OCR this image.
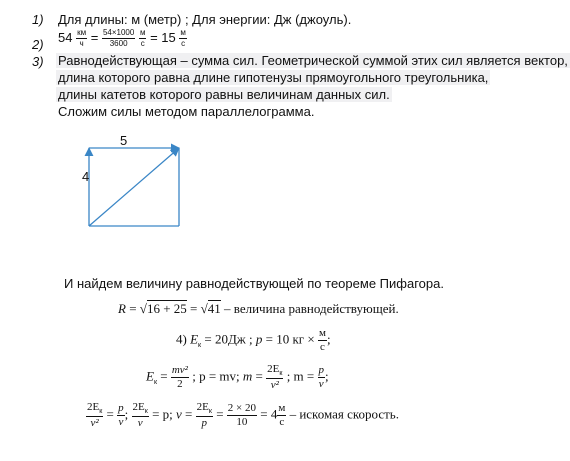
1) Для длины: м (метр) ; Для энергии: Дж (джоуль).
2) $54 \frac{км}{ч} = \frac{54\times 1000}{3600}$
$\frac{м}{с} = 15 \frac{м}{с}$
3) Равнодействующая – сумма сил. Геометрической суммой этих сил является вектор,
длина которого равна длине гипотенузы прямоугольного треугольника,
длины катетов которого равны величинам данных сил.
Сложим силы методом параллелограмма.
5
4
И найдем величину равнодействующей по теореме Пифагора.
R = √16 + 25 = √41 – величина равнодействующей.
4) $E_к = 20Дж$ ; p = 10 кг × $\frac{м}{с}$ ;
$E_к = \frac{\text{mv²}}{2}$ ; p = mv; $m = \frac{2E_к}{\text{v²}}$ ; $m = \frac{p}{v}$ ;
$\frac{2E_к}{\text{v²}} = \frac{p}{v}$ ; $\frac{2E_к}{v} = p$; $v = \frac{2E_к}{p} = \frac{2 \times 20}{10} = 4 \frac{м}{с}$ – искомая скорость.
